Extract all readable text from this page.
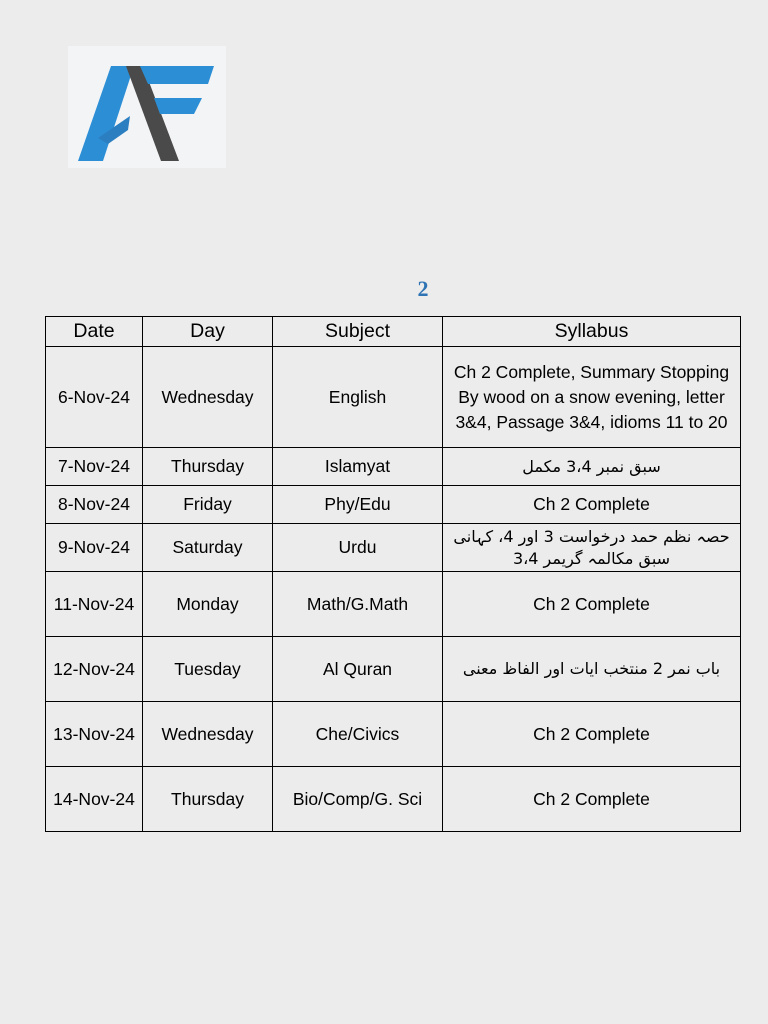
2
Date	Day	Subject	Syllabus
6-Nov-24	Wednesday	English	Ch 2 Complete, Summary Stopping By wood on a snow evening, letter 3&4, Passage 3&4, idioms 11 to 20
7-Nov-24	Thursday	Islamyat	سبق نمبر 3،4 مکمل
8-Nov-24	Friday	Phy/Edu	Ch 2 Complete
9-Nov-24	Saturday	Urdu	حصہ نظم حمد درخواست 3 اور 4، کہانی سبق مکالمہ گریمر 3،4
11-Nov-24	Monday	Math/G.Math	Ch 2 Complete
12-Nov-24	Tuesday	Al Quran	باب نمر 2 منتخب ایات اور الفاظ معنی
13-Nov-24	Wednesday	Che/Civics	Ch 2 Complete
14-Nov-24	Thursday	Bio/Comp/G. Sci	Ch 2 Complete
